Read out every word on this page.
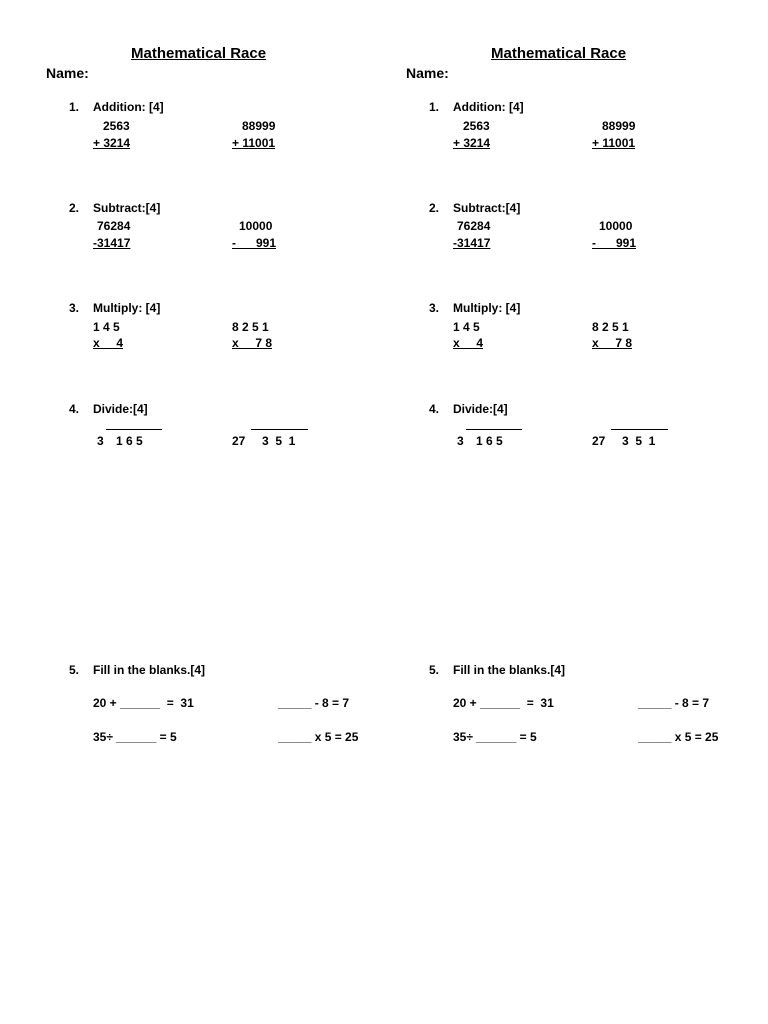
Mathematical Race
Name:
1. Addition: [4]
2563
+ 3214
88999
+ 11001
2. Subtract:[4]
76284
-31417
10000
-      991
3. Multiply: [4]
1 4 5
x     4
8 2 5 1
x     7 8
4. Divide:[4]
3 1 6 5	27 3  5  1
5. Fill in the blanks.[4]
20 + ______  =  31	_____ - 8 = 7
35÷ ______ = 5	_____ x 5 = 25
Mathematical Race
Name:
1. Addition: [4]
2563
+ 3214
88999
+ 11001
2. Subtract:[4]
76284
-31417
10000
-      991
3. Multiply: [4]
1 4 5
x     4
8 2 5 1
x     7 8
4. Divide:[4]
3 1 6 5	27 3  5  1
5. Fill in the blanks.[4]
20 + ______  =  31	_____ - 8 = 7
35÷ ______ = 5	_____ x 5 = 25
